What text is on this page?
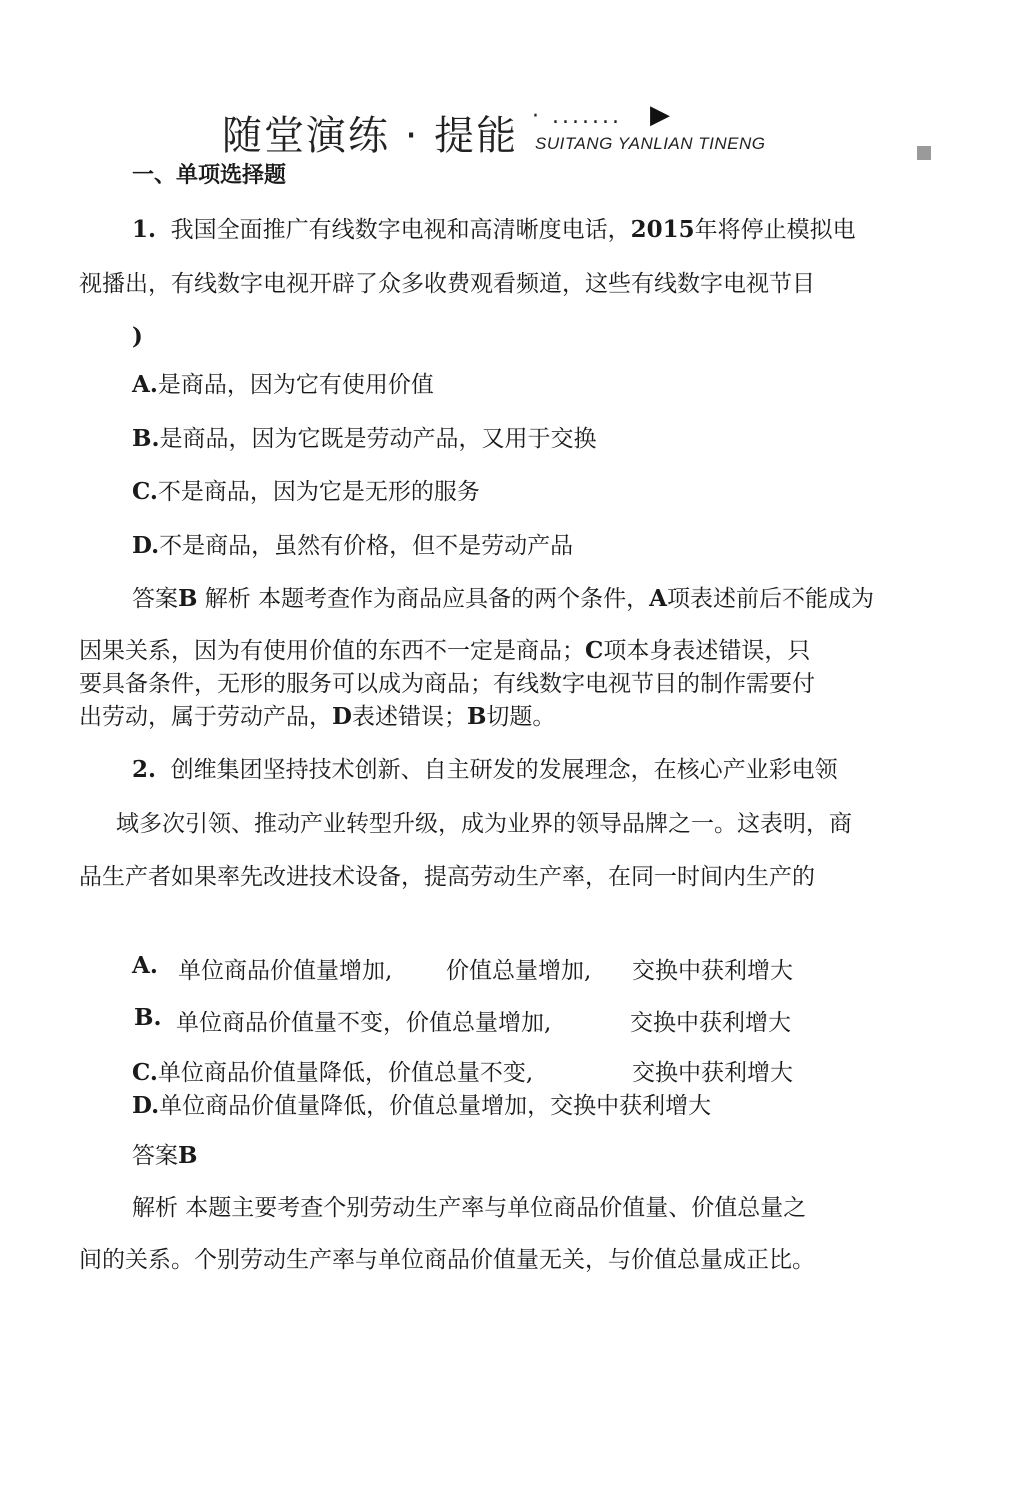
随堂演练 · 提能 · ....... ▶
SUITANG YANLIAN TINENG
一、单项选择题
1. 我国全面推广有线数字电视和高清晰度电话，2015年将停止模拟电
视播出，有线数字电视开辟了众多收费观看频道，这些有线数字电视节目
)
A.是商品，因为它有使用价值
B.是商品，因为它既是劳动产品，又用于交换
C.不是商品，因为它是无形的服务
D.不是商品，虽然有价格，但不是劳动产品
答案B 解析 本题考查作为商品应具备的两个条件，A项表述前后不能成为
因果关系，因为有使用价值的东西不一定是商品；C项本身表述错误，只
要具备条件，无形的服务可以成为商品；有线数字电视节目的制作需要付
出劳动，属于劳动产品，D表述错误；B切题。
2. 创维集团坚持技术创新、自主研发的发展理念，在核心产业彩电领
域多次引领、推动产业转型升级，成为业界的领导品牌之一。这表明，商
品生产者如果率先改进技术设备，提高劳动生产率，在同一时间内生产的
A. 单位商品价值量增加, 价值总量增加, 交换中获利增大
B. 单位商品价值量不变，价值总量增加,	交换中获利增大
C.单位商品价值量降低，价值总量不变,	交换中获利增大
D.单位商品价值量降低，价值总量增加，交换中获利增大
答案B
解析 本题主要考查个别劳动生产率与单位商品价值量、价值总量之
间的关系。个别劳动生产率与单位商品价值量无关，与价值总量成正比。
